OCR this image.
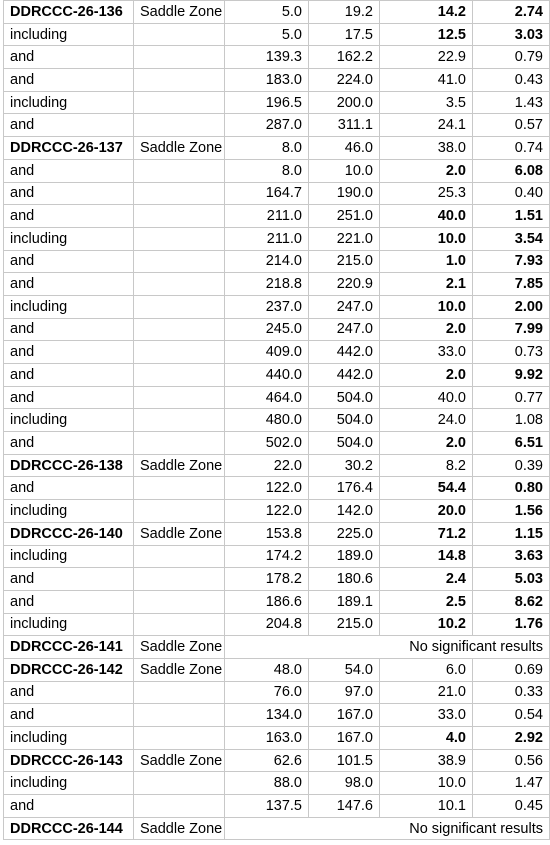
DDRCCC-26-136	Saddle Zone	5.0	19.2	14.2	2.74
including		5.0	17.5	12.5	3.03
and		139.3	162.2	22.9	0.79
and		183.0	224.0	41.0	0.43
including		196.5	200.0	3.5	1.43
and		287.0	311.1	24.1	0.57
DDRCCC-26-137	Saddle Zone	8.0	46.0	38.0	0.74
and		8.0	10.0	2.0	6.08
and		164.7	190.0	25.3	0.40
and		211.0	251.0	40.0	1.51
including		211.0	221.0	10.0	3.54
and		214.0	215.0	1.0	7.93
and		218.8	220.9	2.1	7.85
including		237.0	247.0	10.0	2.00
and		245.0	247.0	2.0	7.99
and		409.0	442.0	33.0	0.73
and		440.0	442.0	2.0	9.92
and		464.0	504.0	40.0	0.77
including		480.0	504.0	24.0	1.08
and		502.0	504.0	2.0	6.51
DDRCCC-26-138	Saddle Zone	22.0	30.2	8.2	0.39
and		122.0	176.4	54.4	0.80
including		122.0	142.0	20.0	1.56
DDRCCC-26-140	Saddle Zone	153.8	225.0	71.2	1.15
including		174.2	189.0	14.8	3.63
and		178.2	180.6	2.4	5.03
and		186.6	189.1	2.5	8.62
including		204.8	215.0	10.2	1.76
DDRCCC-26-141	Saddle Zone	No significant results			
DDRCCC-26-142	Saddle Zone	48.0	54.0	6.0	0.69
and		76.0	97.0	21.0	0.33
and		134.0	167.0	33.0	0.54
including		163.0	167.0	4.0	2.92
DDRCCC-26-143	Saddle Zone	62.6	101.5	38.9	0.56
including		88.0	98.0	10.0	1.47
and		137.5	147.6	10.1	0.45
DDRCCC-26-144	Saddle Zone	No significant results			
